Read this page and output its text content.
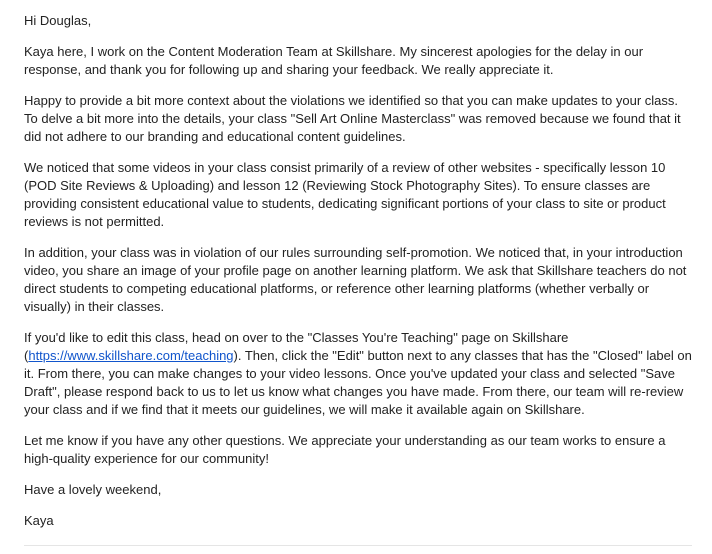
Hi Douglas,

Kaya here, I work on the Content Moderation Team at Skillshare. My sincerest apologies for the delay in our response, and thank you for following up and sharing your feedback. We really appreciate it.

Happy to provide a bit more context about the violations we identified so that you can make updates to your class. To delve a bit more into the details, your class "Sell Art Online Masterclass" was removed because we found that it did not adhere to our branding and educational content guidelines.

We noticed that some videos in your class consist primarily of a review of other websites - specifically lesson 10 (POD Site Reviews & Uploading) and lesson 12 (Reviewing Stock Photography Sites). To ensure classes are providing consistent educational value to students, dedicating significant portions of your class to site or product reviews is not permitted.

In addition, your class was in violation of our rules surrounding self-promotion. We noticed that, in your introduction video, you share an image of your profile page on another learning platform. We ask that Skillshare teachers do not direct students to competing educational platforms, or reference other learning platforms (whether verbally or visually) in their classes.

If you'd like to edit this class, head on over to the "Classes You're Teaching" page on Skillshare (https://www.skillshare.com/teaching). Then, click the "Edit" button next to any classes that has the "Closed" label on it. From there, you can make changes to your video lessons. Once you've updated your class and selected "Save Draft", please respond back to us to let us know what changes you have made. From there, our team will re-review your class and if we find that it meets our guidelines, we will make it available again on Skillshare.

Let me know if you have any other questions. We appreciate your understanding as our team works to ensure a high-quality experience for our community!

Have a lovely weekend,

Kaya
